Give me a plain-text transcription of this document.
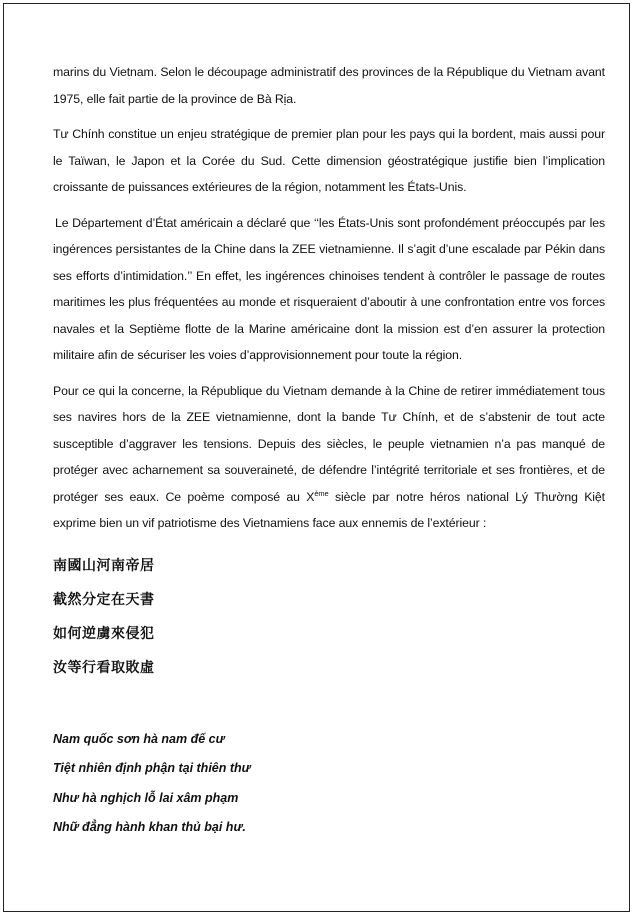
marins du Vietnam. Selon le découpage administratif des provinces de la République du Vietnam avant 1975, elle fait partie de la province de Bà Rịa.

Tư Chính constitue un enjeu stratégique de premier plan pour les pays qui la bordent, mais aussi pour le Taïwan, le Japon et la Corée du Sud. Cette dimension géostratégique justifie bien l’implication croissante de puissances extérieures de la région, notamment les États-Unis.

Le Département d’État américain a déclaré que ‘‘les États-Unis sont profondément préoccupés par les ingérences persistantes de la Chine dans la ZEE vietnamienne. Il s’agit d’une escalade par Pékin dans ses efforts d’intimidation.’’ En effet, les ingérences chinoises tendent à contrôler le passage de routes maritimes les plus fréquentées au monde et risqueraient d’aboutir à une confrontation entre vos forces navales et la Septième flotte de la Marine américaine dont la mission est d’en assurer la protection militaire afin de sécuriser les voies d’approvisionnement pour toute la région.

Pour ce qui la concerne, la République du Vietnam demande à la Chine de retirer immédiatement tous ses navires hors de la ZEE vietnamienne, dont la bande Tư Chính, et de s’abstenir de tout acte susceptible d’aggraver les tensions. Depuis des siècles, le peuple vietnamien n’a pas manqué de protéger avec acharnement sa souveraineté, de défendre l’intégrité territoriale et ses frontières, et de protéger ses eaux. Ce poème composé au Xème siècle par notre héros national Lý Thường Kiệt exprime bien un vif patriotisme des Vietnamiens face aux ennemis de l’extérieur :

南國山河南帝居
截然分定在天書
如何逆虜來侵犯
汝等行看取敗虛
Nam quốc sơn hà nam đế cư
Tiệt nhiên định phận tại thiên thư
Như hà nghịch lỗ lai xâm phạm
Nhữ đẳng hành khan thủ bại hư.
